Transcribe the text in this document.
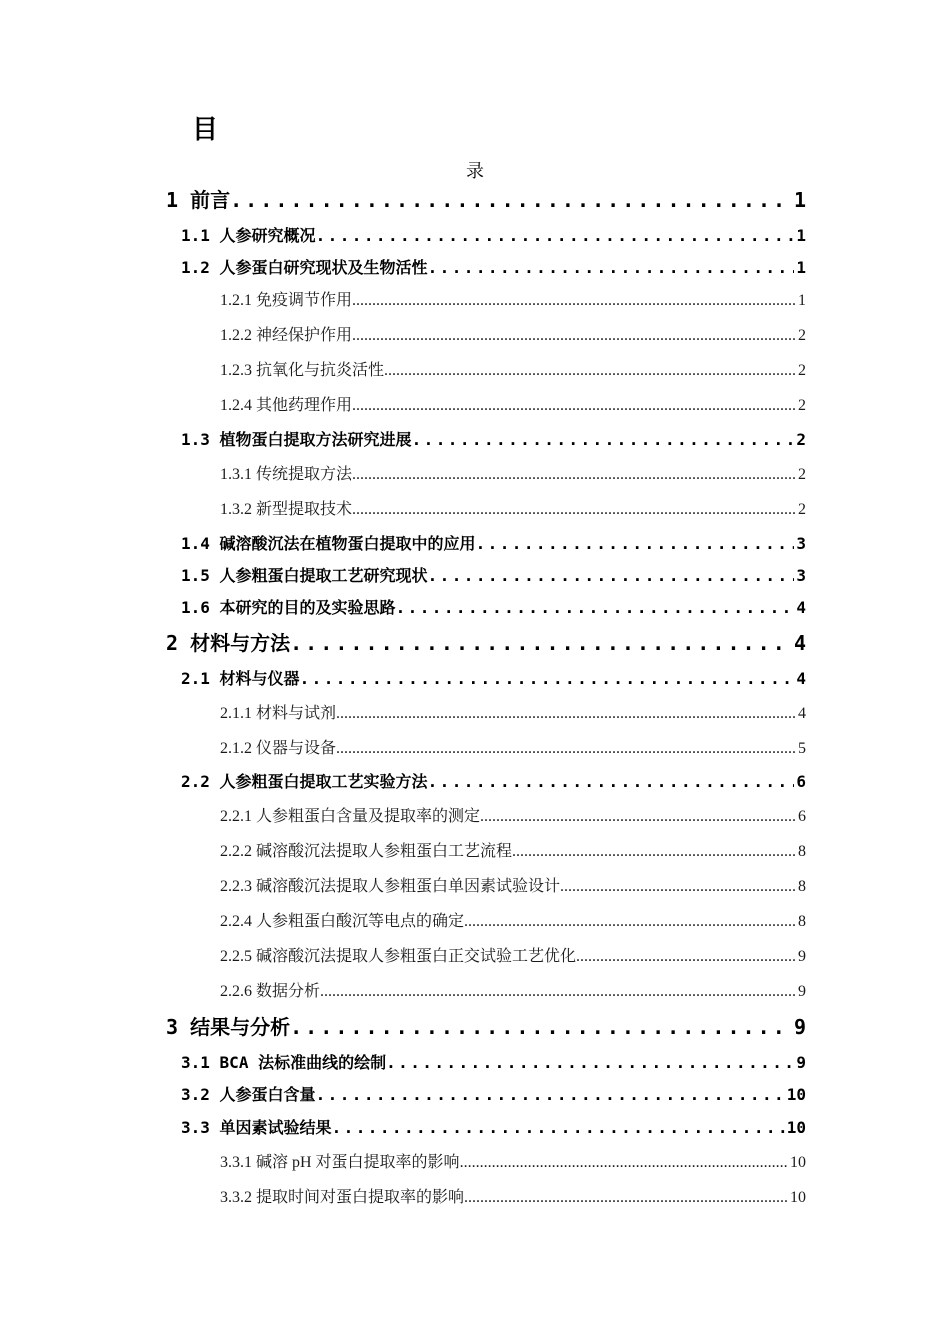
目
录
1 前言 . . .	1
1.1 人参研究概况 . . .	1
1.2 人参蛋白研究现状及生物活性 . . .	1
1.2.1 免疫调节作用 .....	1
1.2.2 神经保护作用 .....	2
1.2.3 抗氧化与抗炎活性 .....	2
1.2.4 其他药理作用 .....	2
1.3 植物蛋白提取方法研究进展 . . .	2
1.3.1 传统提取方法 .....	2
1.3.2 新型提取技术 .....	2
1.4 碱溶酸沉法在植物蛋白提取中的应用 . . .	3
1.5 人参粗蛋白提取工艺研究现状 . . .	3
1.6 本研究的目的及实验思路 . . .	4
2 材料与方法 . . .	4
2.1 材料与仪器 . . .	4
2.1.1 材料与试剂 .....	4
2.1.2 仪器与设备 .....	5
2.2 人参粗蛋白提取工艺实验方法 . . .	6
2.2.1 人参粗蛋白含量及提取率的测定 .....	6
2.2.2 碱溶酸沉法提取人参粗蛋白工艺流程 .....	8
2.2.3 碱溶酸沉法提取人参粗蛋白单因素试验设计 .....	8
2.2.4 人参粗蛋白酸沉等电点的确定 .....	8
2.2.5 碱溶酸沉法提取人参粗蛋白正交试验工艺优化 .....	9
2.2.6 数据分析 .....	9
3 结果与分析 . . .	9
3.1 BCA 法标准曲线的绘制 . . .	9
3.2 人参蛋白含量 . . .	10
3.3 单因素试验结果 . . .	10
3.3.1 碱溶 pH 对蛋白提取率的影响 .....	10
3.3.2 提取时间对蛋白提取率的影响 .....	10
